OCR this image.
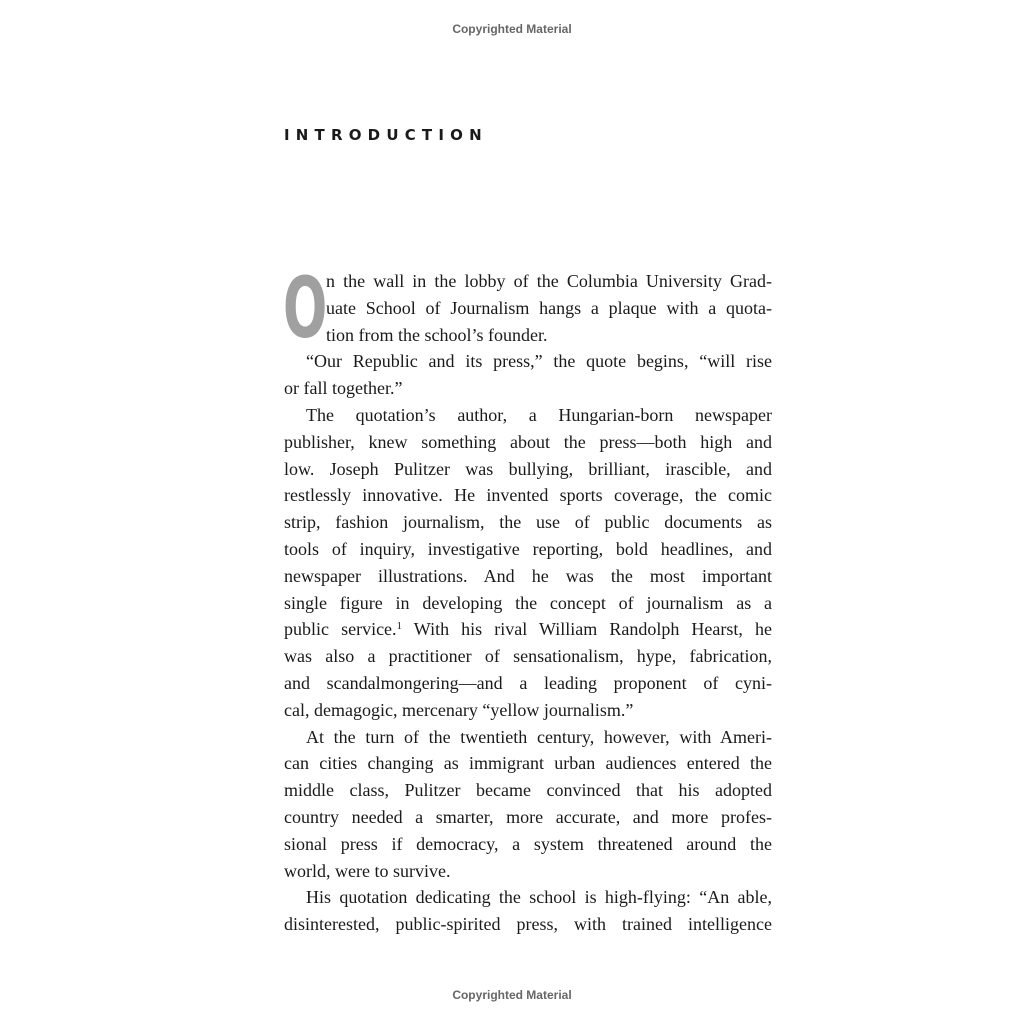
Copyrighted Material
INTRODUCTION
O
n the wall in the lobby of the Columbia University Grad-
uate School of Journalism hangs a plaque with a quota-
tion from the school’s founder.
“Our Republic and its press,” the quote begins, “will rise
or fall together.”
The quotation’s author, a Hungarian-born newspaper
publisher, knew something about the press—both high and
low. Joseph Pulitzer was bullying, brilliant, irascible, and
restlessly innovative. He invented sports coverage, the comic
strip, fashion journalism, the use of public documents as
tools of inquiry, investigative reporting, bold headlines, and
newspaper illustrations. And he was the most important
single figure in developing the concept of journalism as a
public service.$^1$ With his rival William Randolph Hearst, he
was also a practitioner of sensationalism, hype, fabrication,
and scandalmongering—and a leading proponent of cyni-
cal, demagogic, mercenary “yellow journalism.”
At the turn of the twentieth century, however, with Ameri-
can cities changing as immigrant urban audiences entered the
middle class, Pulitzer became convinced that his adopted
country needed a smarter, more accurate, and more profes-
sional press if democracy, a system threatened around the
world, were to survive.
His quotation dedicating the school is high-flying: “An able,
disinterested, public-spirited press, with trained intelligence
Copyrighted Material
